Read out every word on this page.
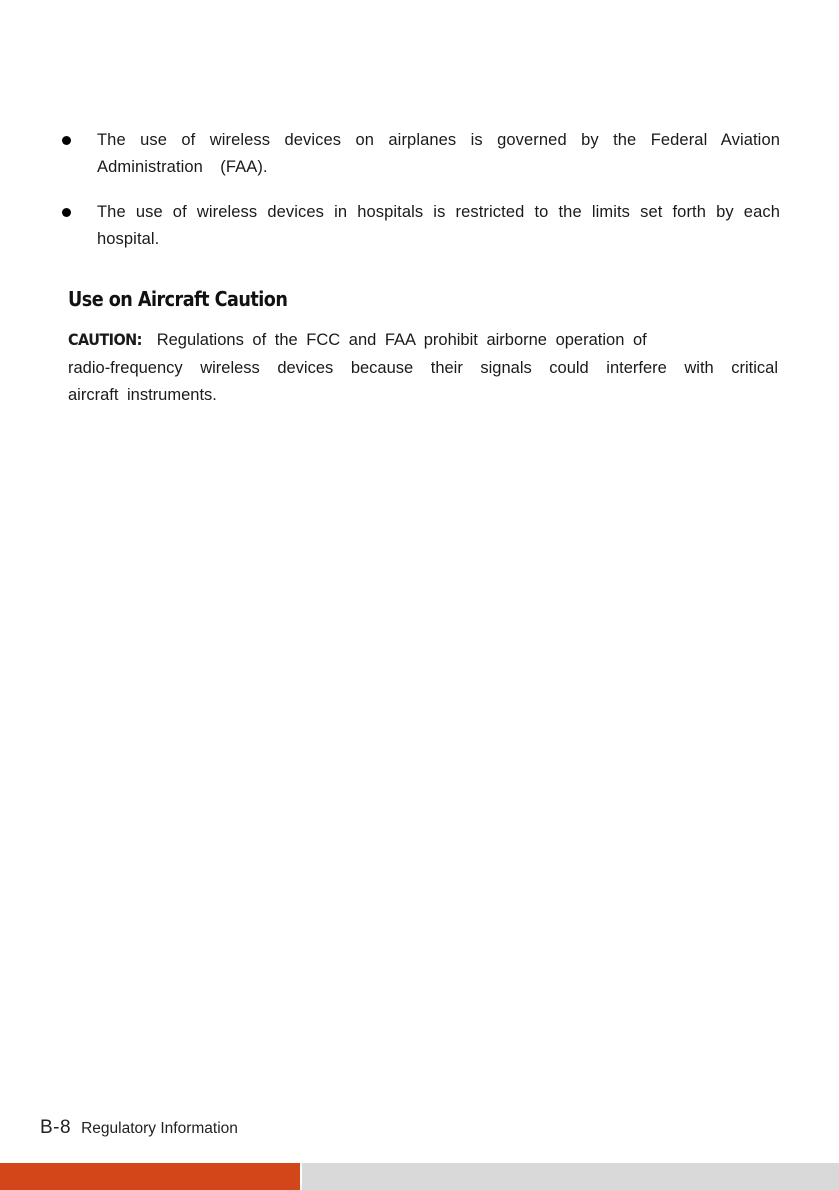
The use of wireless devices on airplanes is governed by the Federal Aviation Administration  (FAA).
The use of wireless devices in hospitals is restricted to the limits set forth by each hospital.
Use on Aircraft Caution

CAUTION: Regulations of the FCC and FAA prohibit airborne operation of
radio-frequency wireless devices because their signals could interfere with critical
aircraft instruments.

B-8 Regulatory Information
